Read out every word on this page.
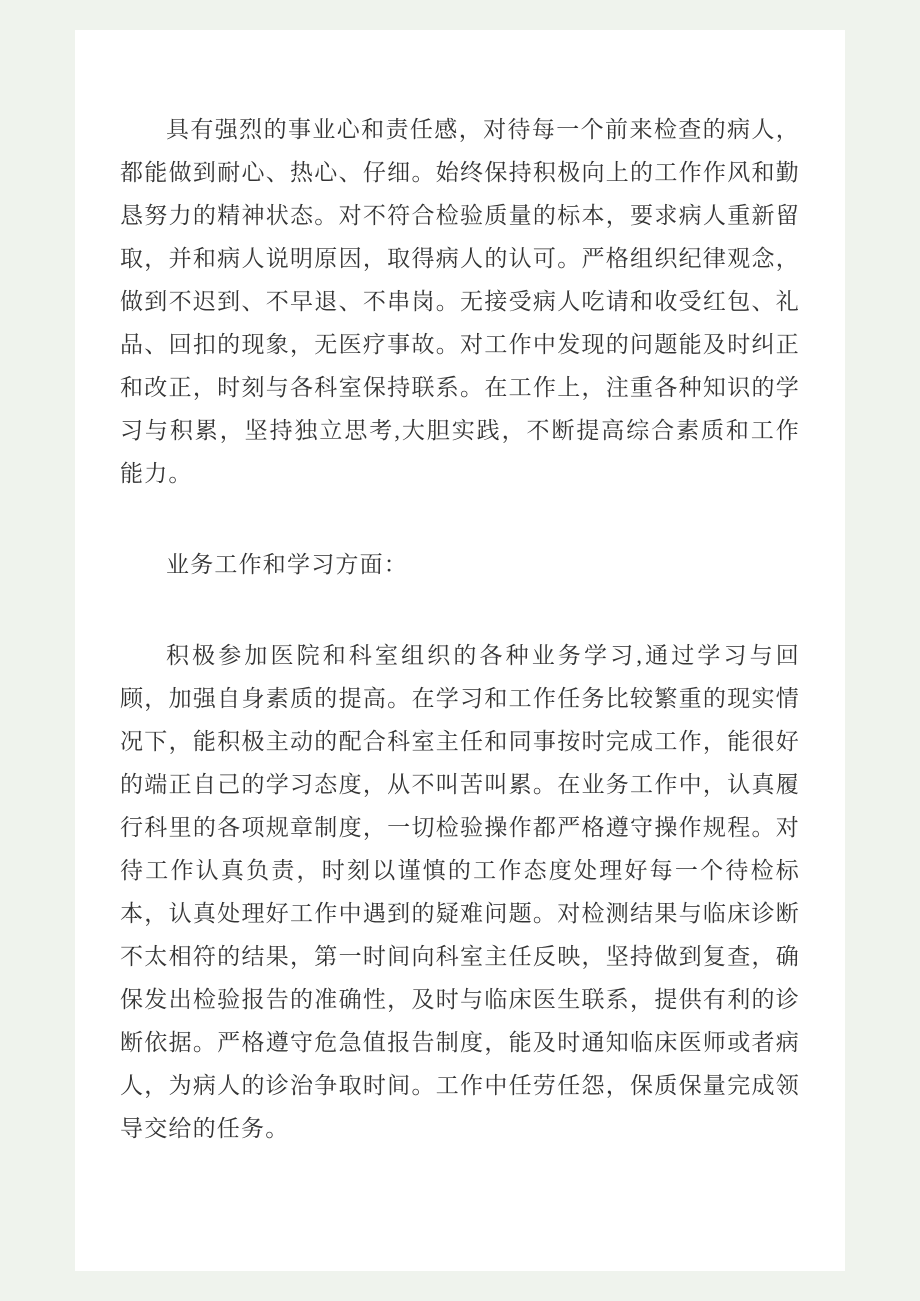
具有强烈的事业心和责任感，对待每一个前来检查的病人，都能做到耐心、热心、仔细。始终保持积极向上的工作作风和勤恳努力的精神状态。对不符合检验质量的标本，要求病人重新留取，并和病人说明原因，取得病人的认可。严格组织纪律观念，做到不迟到、不早退、不串岗。无接受病人吃请和收受红包、礼品、回扣的现象，无医疗事故。对工作中发现的问题能及时纠正和改正，时刻与各科室保持联系。在工作上，注重各种知识的学习与积累，坚持独立思考,大胆实践，不断提高综合素质和工作能力。

业务工作和学习方面：

积极参加医院和科室组织的各种业务学习,通过学习与回顾，加强自身素质的提高。在学习和工作任务比较繁重的现实情况下，能积极主动的配合科室主任和同事按时完成工作，能很好的端正自己的学习态度，从不叫苦叫累。在业务工作中，认真履行科里的各项规章制度，一切检验操作都严格遵守操作规程。对待工作认真负责，时刻以谨慎的工作态度处理好每一个待检标本，认真处理好工作中遇到的疑难问题。对检测结果与临床诊断不太相符的结果，第一时间向科室主任反映，坚持做到复查，确保发出检验报告的准确性，及时与临床医生联系，提供有利的诊断依据。严格遵守危急值报告制度，能及时通知临床医师或者病人，为病人的诊治争取时间。工作中任劳任怨，保质保量完成领导交给的任务。
